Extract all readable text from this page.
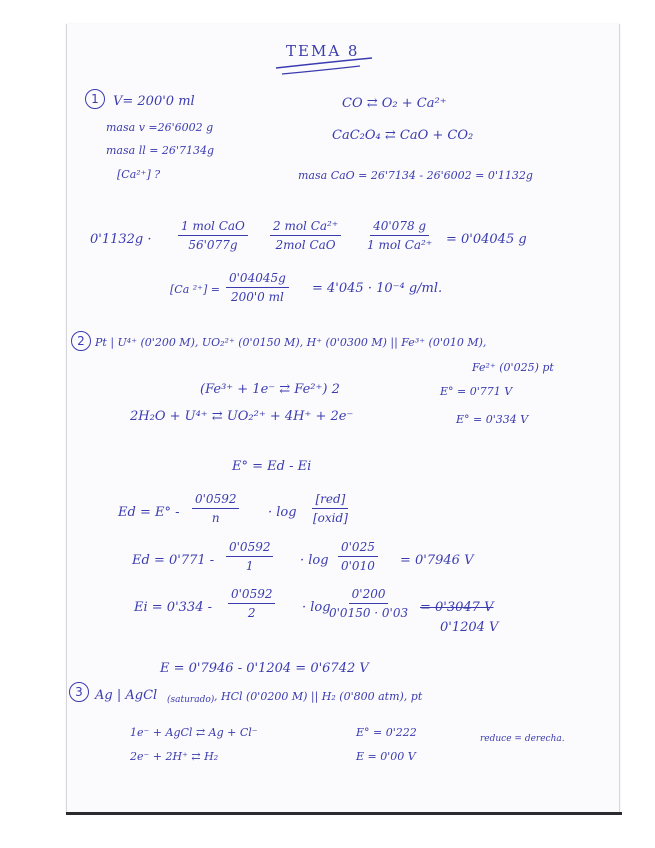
TEMA 8
1	V= 200'0 ml
masa v =26'6002 g
masa ll = 26'7134g
[Ca²⁺] ?
CO ⇄ O₂ + Ca²⁺
CaC₂O₄ ⇄ CaO + CO₂
masa CaO = 26'7134 - 26'6002 = 0'1132g
0'1132g ·
1 mol CaO
56'077g
2 mol Ca²⁺
2mol CaO
40'078 g
1 mol Ca²⁺ = 0'04045 g
[Ca $^{2+}] = \frac{0'04045g}{200'0 ml} = 4'045 \cdot 10^{-4}$ g/ml.
2 Pt | U⁴⁺ (0'200 M), UO₂²⁺ (0'0150 M), H⁺ (0'0300 M) || Fe³⁺ (0'010 M),
Fe²⁺ (0'025) pt
(Fe³⁺ + 1e⁻ ⇄ Fe²⁺) 2	E° = 0'771 V
2H₂O + U⁴⁺ ⇄ UO₂²⁺ + 4H⁺ + 2e⁻	E° = 0'334 V
E° = Ed - Ei
$Ed = E^\circ - \frac{0'0592}{n} \cdot \log$
[red]
[oxid]
$Ed = 0'771 - \frac{0'0592}{1} \cdot \log \frac{0'025}{0'010} = 0'7946$ V
$Ei = 0'334 - \frac{0'0592}{2} \cdot \log$
$\frac{0'200}{0'0150 \cdot 0'03} = 0'3047$ V
0'1204 V
E = 0'7946 - 0'1204 = 0'6742 V
3 Ag | AgCl (saturado) , HCl (0'0200 M) || H₂ (0'800 atm), pt
1e⁻ + AgCl ⇄ Ag + Cl⁻	E° = 0'222	reduce = derecha.
2e⁻ + 2H⁺ ⇄ H₂	E = 0'00 V
